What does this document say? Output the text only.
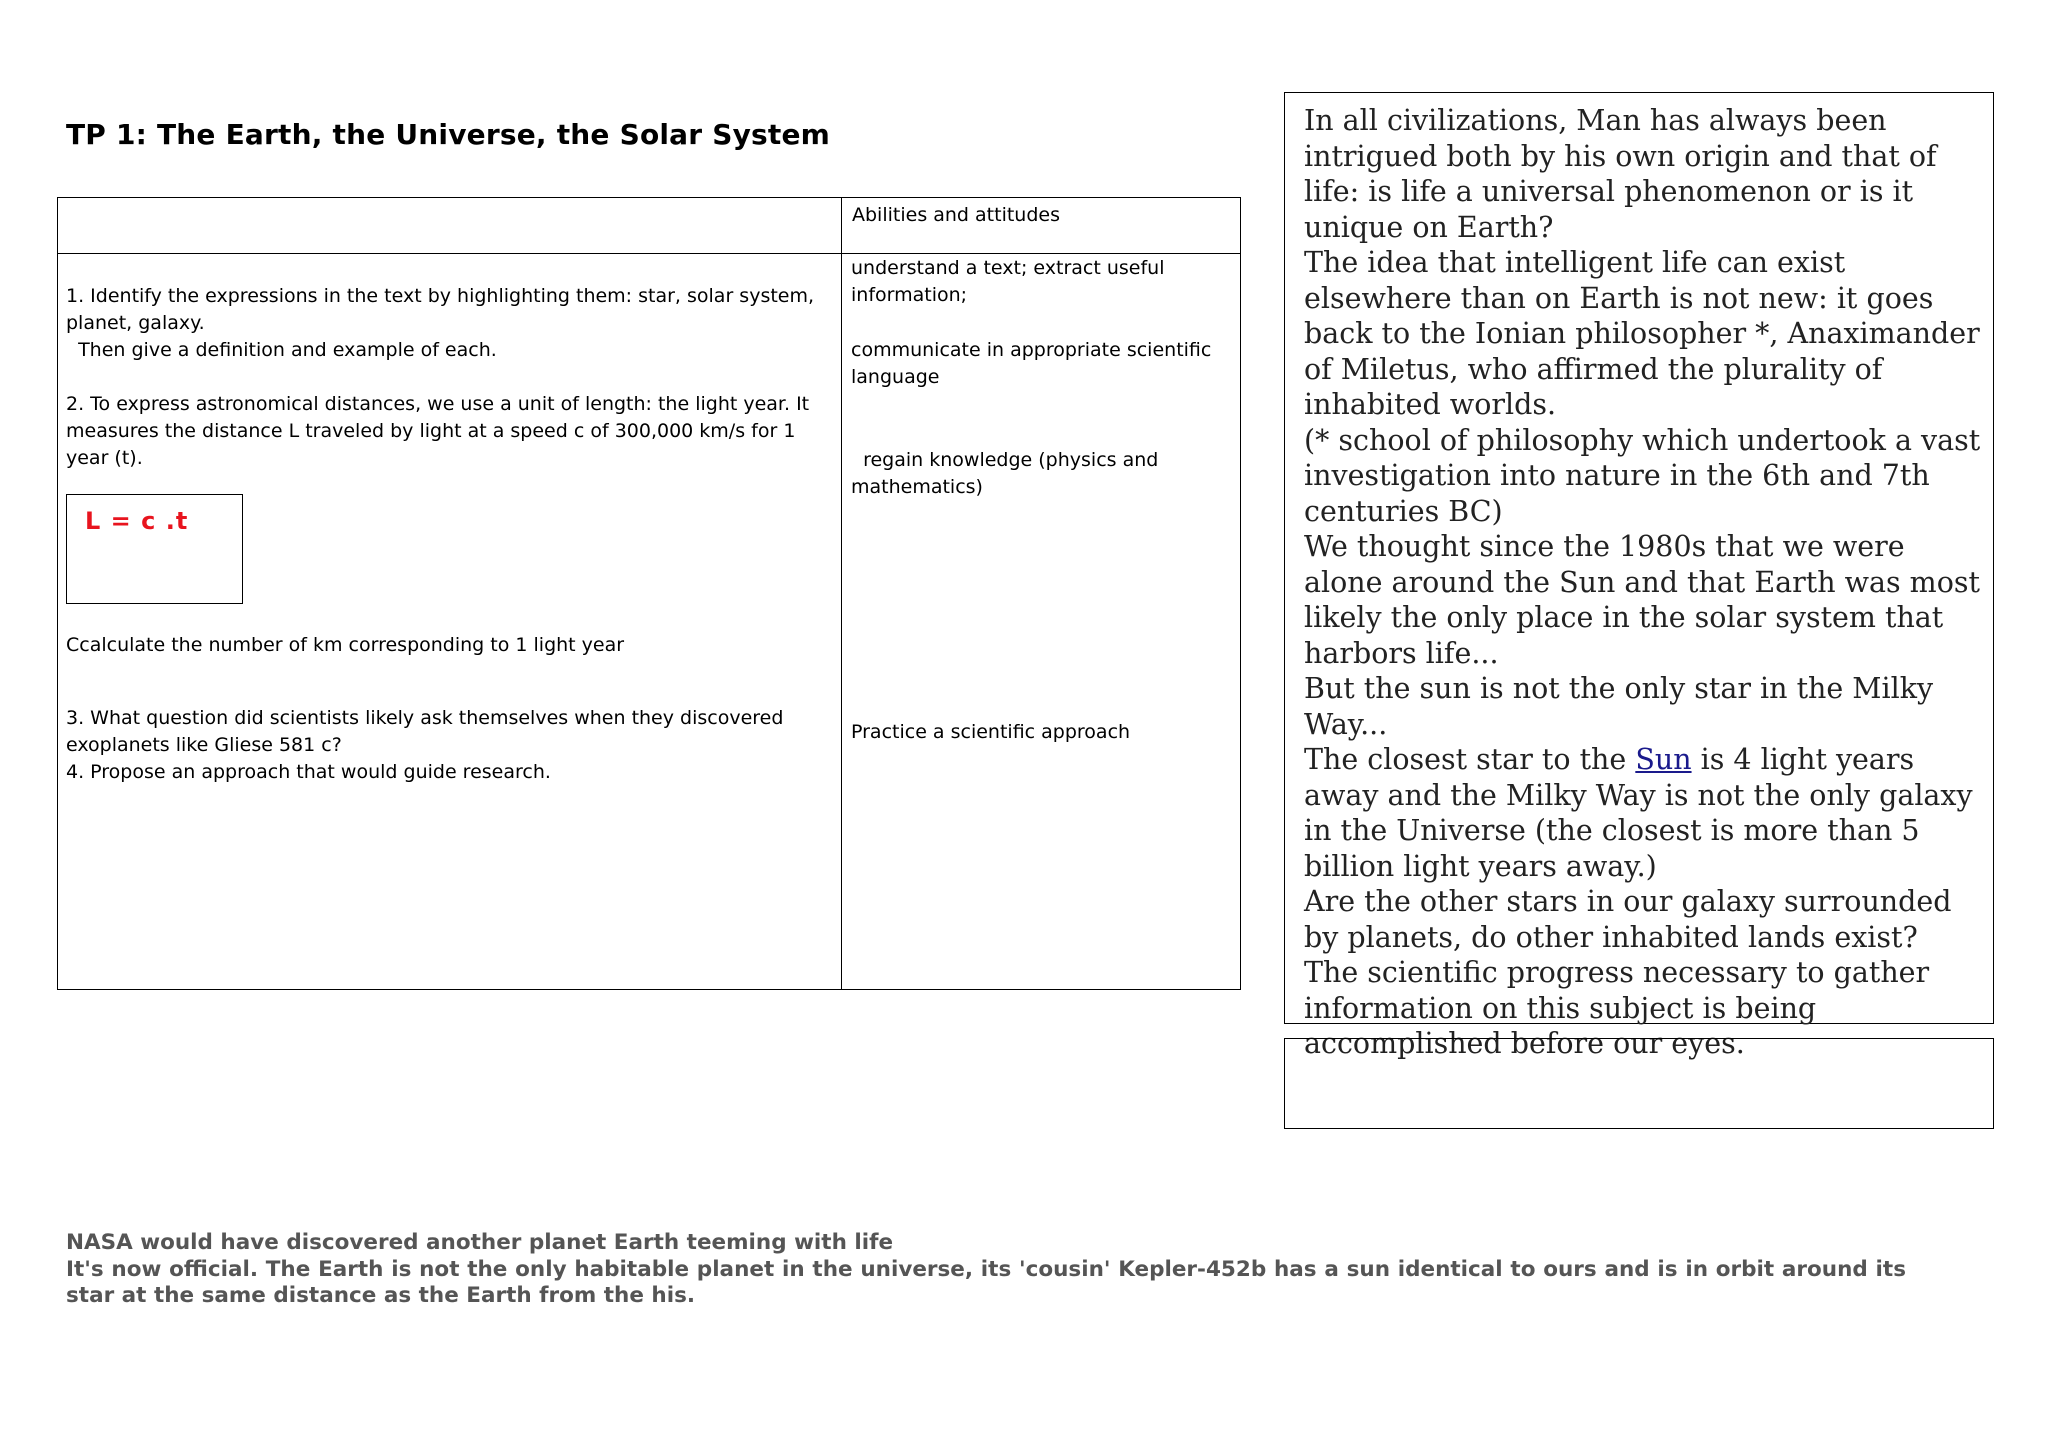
TP 1: The Earth, the Universe, the Solar System
Abilities and attitudes

1. Identify the expressions in the text by highlighting them: star, solar system, planet, galaxy.

Then give a definition and example of each.

2. To express astronomical distances, we use a unit of length: the light year. It measures the distance L traveled by light at a speed c of 300,000 km/s for 1 year (t).

L = c .t
Ccalculate the number of km corresponding to 1 light year

3. What question did scientists likely ask themselves when they discovered exoplanets like Gliese 581 c?

4. Propose an approach that would guide research.

understand a text; extract useful information;
communicate in appropriate scientific language
regain knowledge (physics and mathematics)
Practice a scientific approach

In all civilizations, Man has always been intrigued both by his own origin and that of life: is life a universal phenomenon or is it unique on Earth?

The idea that intelligent life can exist elsewhere than on Earth is not new: it goes back to the Ionian philosopher *, Anaximander of Miletus, who affirmed the plurality of inhabited worlds.

(* school of philosophy which undertook a vast investigation into nature in the 6th and 7th centuries BC)

We thought since the 1980s that we were alone around the Sun and that Earth was most likely the only place in the solar system that harbors life...

But the sun is not the only star in the Milky Way...

The closest star to the Sun is 4 light years away and the Milky Way is not the only galaxy in the Universe (the closest is more than 5 billion light years away.)

Are the other stars in our galaxy surrounded by planets, do other inhabited lands exist?

The scientific progress necessary to gather information on this subject is being accomplished before our eyes.

NASA would have discovered another planet Earth teeming with life

It's now official. The Earth is not the only habitable planet in the universe, its 'cousin' Kepler-452b has a sun identical to ours and is in orbit around its star at the same distance as the Earth from the his.
